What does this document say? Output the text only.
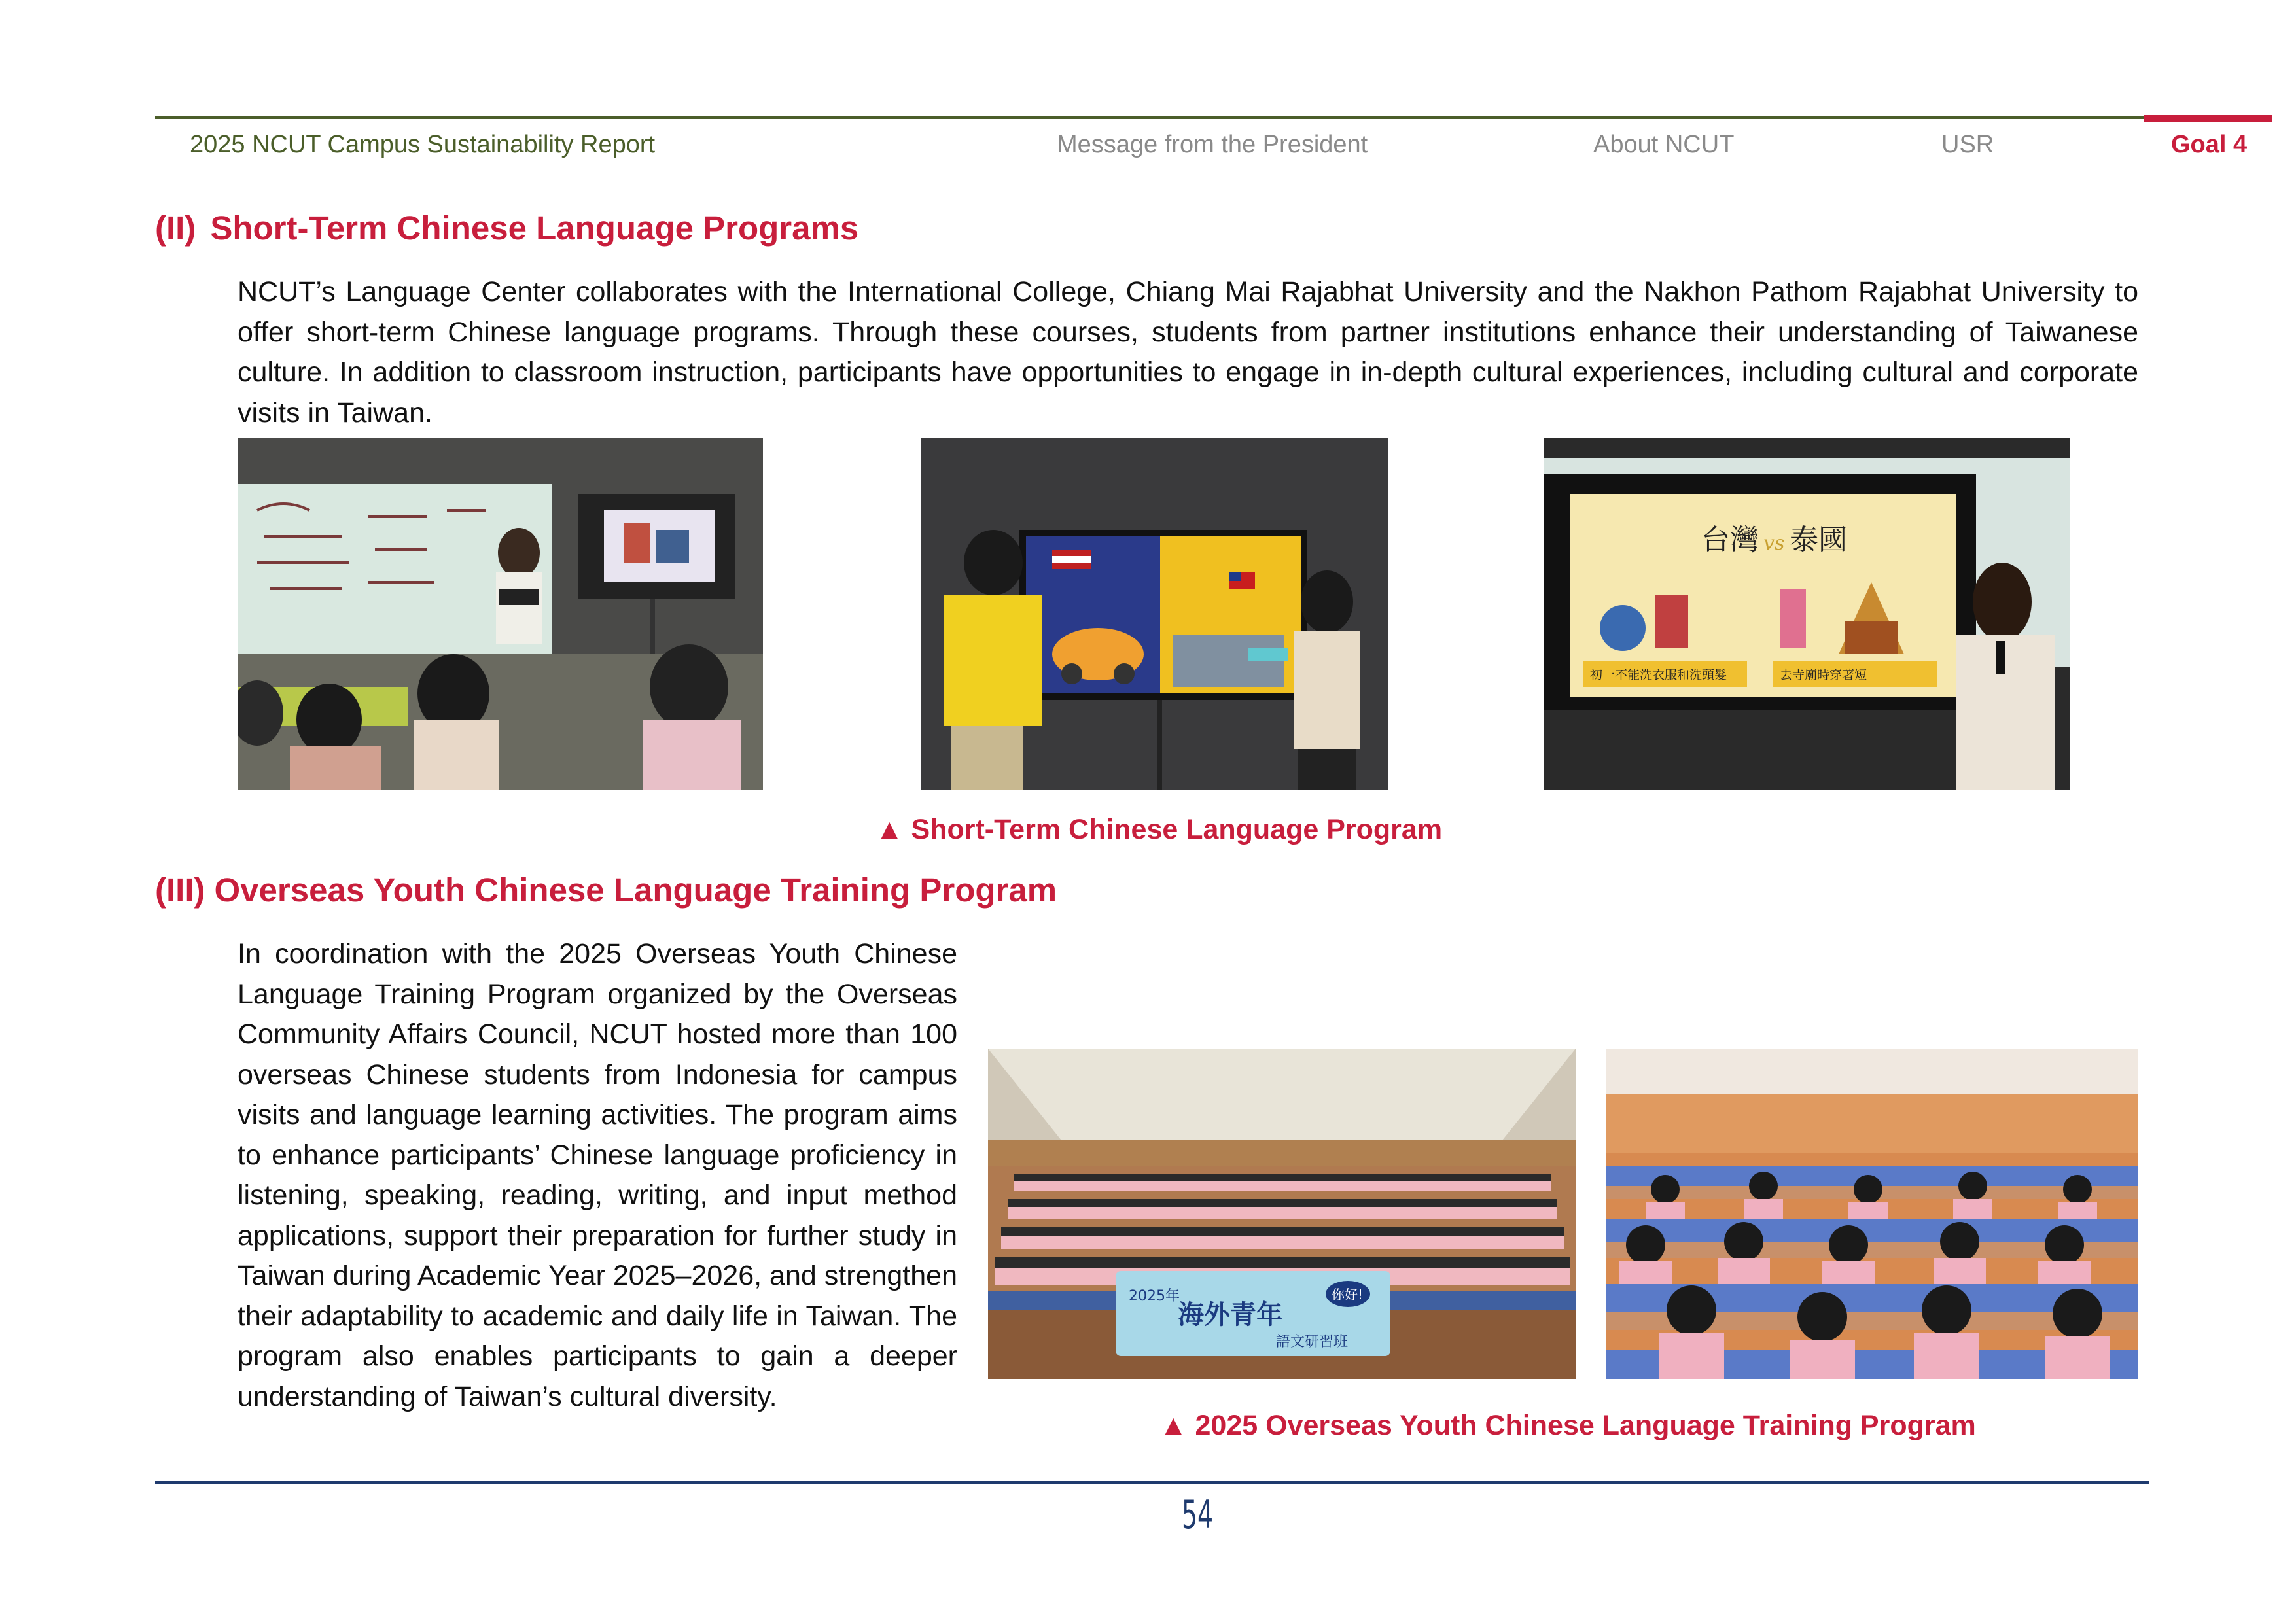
2025 NCUT Campus Sustainability Report	Message from the President	About NCUT	USR	Goal 4
(II) Short-Term Chinese Language Programs
NCUT’s Language Center collaborates with the International College, Chiang Mai Rajabhat University and the Nakhon Pathom Rajabhat University to offer short-term Chinese language programs. Through these courses, students from partner institutions enhance their understanding of Taiwanese culture. In addition to classroom instruction, participants have opportunities to engage in in-depth cultural experiences, including cultural and corporate visits in Taiwan.
台灣 vs 泰國
初一不能洗衣服和洗頭髮	去寺廟時穿著短
▲ Short-Term Chinese Language Program
(III) Overseas Youth Chinese Language Training Program
In coordination with the 2025 Overseas Youth Chinese Language Training Program organized by the Overseas Community Affairs Council, NCUT hosted more than 100 overseas Chinese students from Indonesia for campus visits and language learning activities. The program aims to enhance participants’ Chinese language proficiency in listening, speaking, reading, writing, and input method applications, support their preparation for further study in Taiwan during Academic Year 2025–2026, and strengthen their adaptability to academic and daily life in Taiwan. The program also enables participants to gain a deeper understanding of Taiwan’s cultural diversity.
2025年
海外青年
語文研習班
你好!
▲ 2025 Overseas Youth Chinese Language Training Program
54
